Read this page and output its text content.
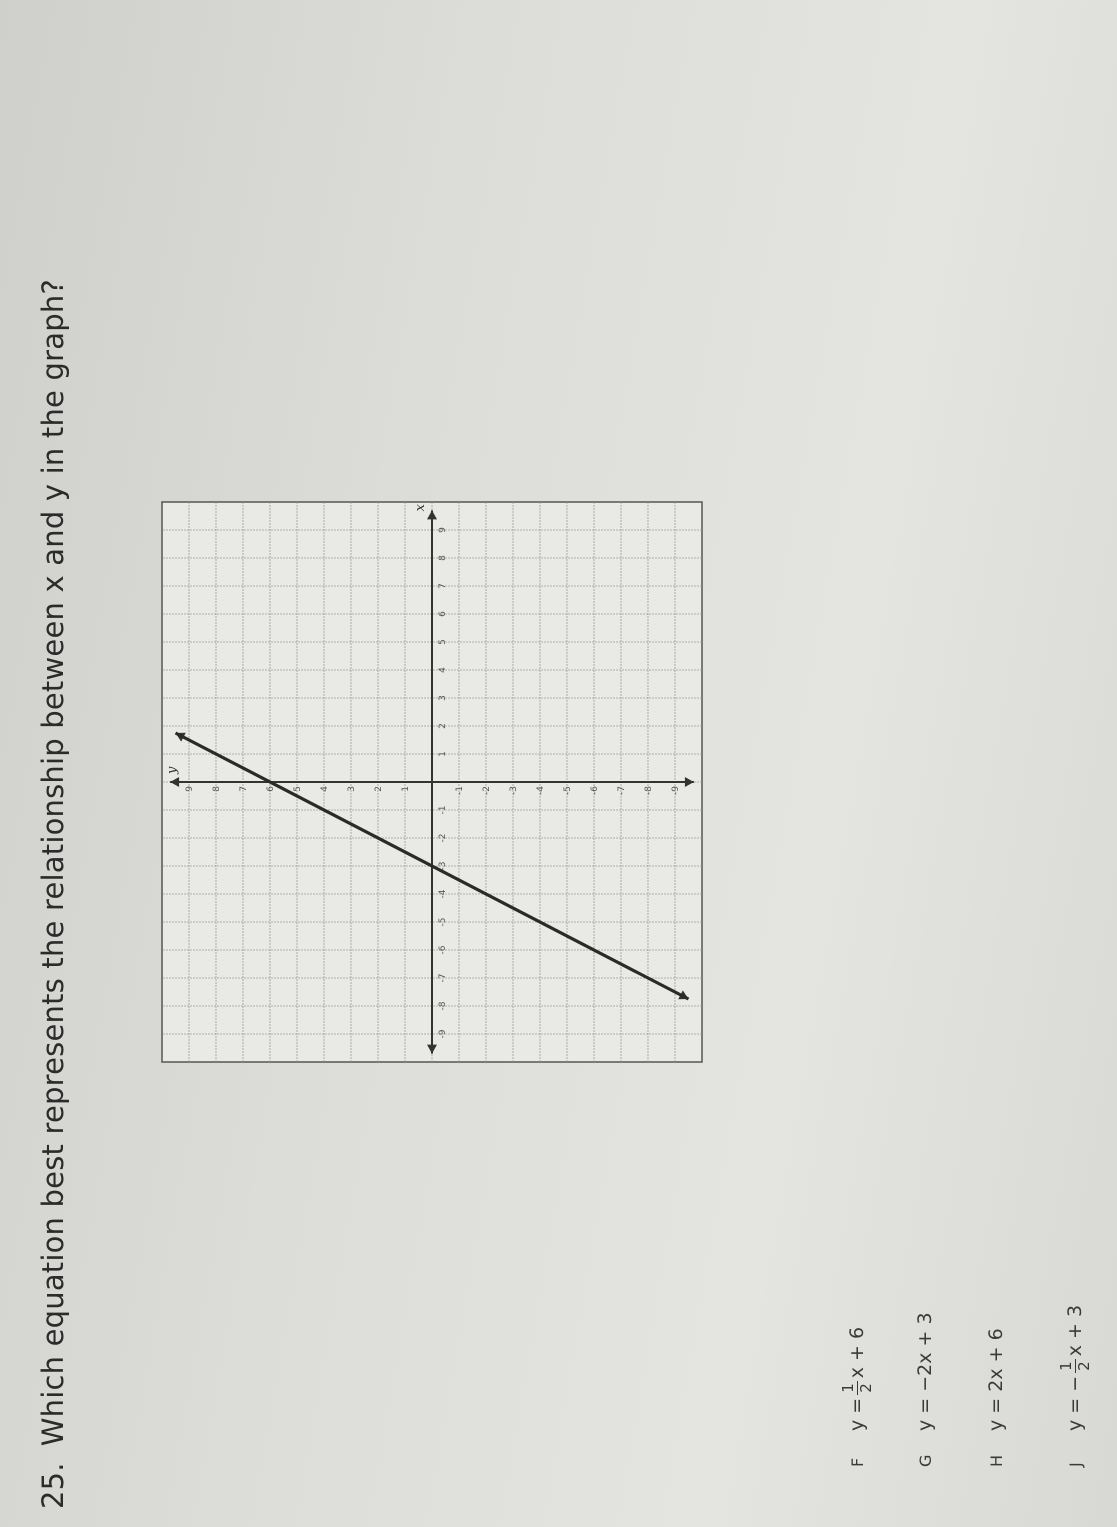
25.Which equation best represents the relationship between x and y in the graph?	x
y
-9
-8
-7
-6
-5
-4
-3
-2
-1
1
2
3
4
5
6
7
8
9
-9
-8
-7
-6
-5
-4
-3
-2
-1
1
2
3
4
5
6
7
8
9
Fy =
1 2
x + 6
Gy = −2x + 3
Hy = 2x + 6
Jy = −
1 2
x + 3
